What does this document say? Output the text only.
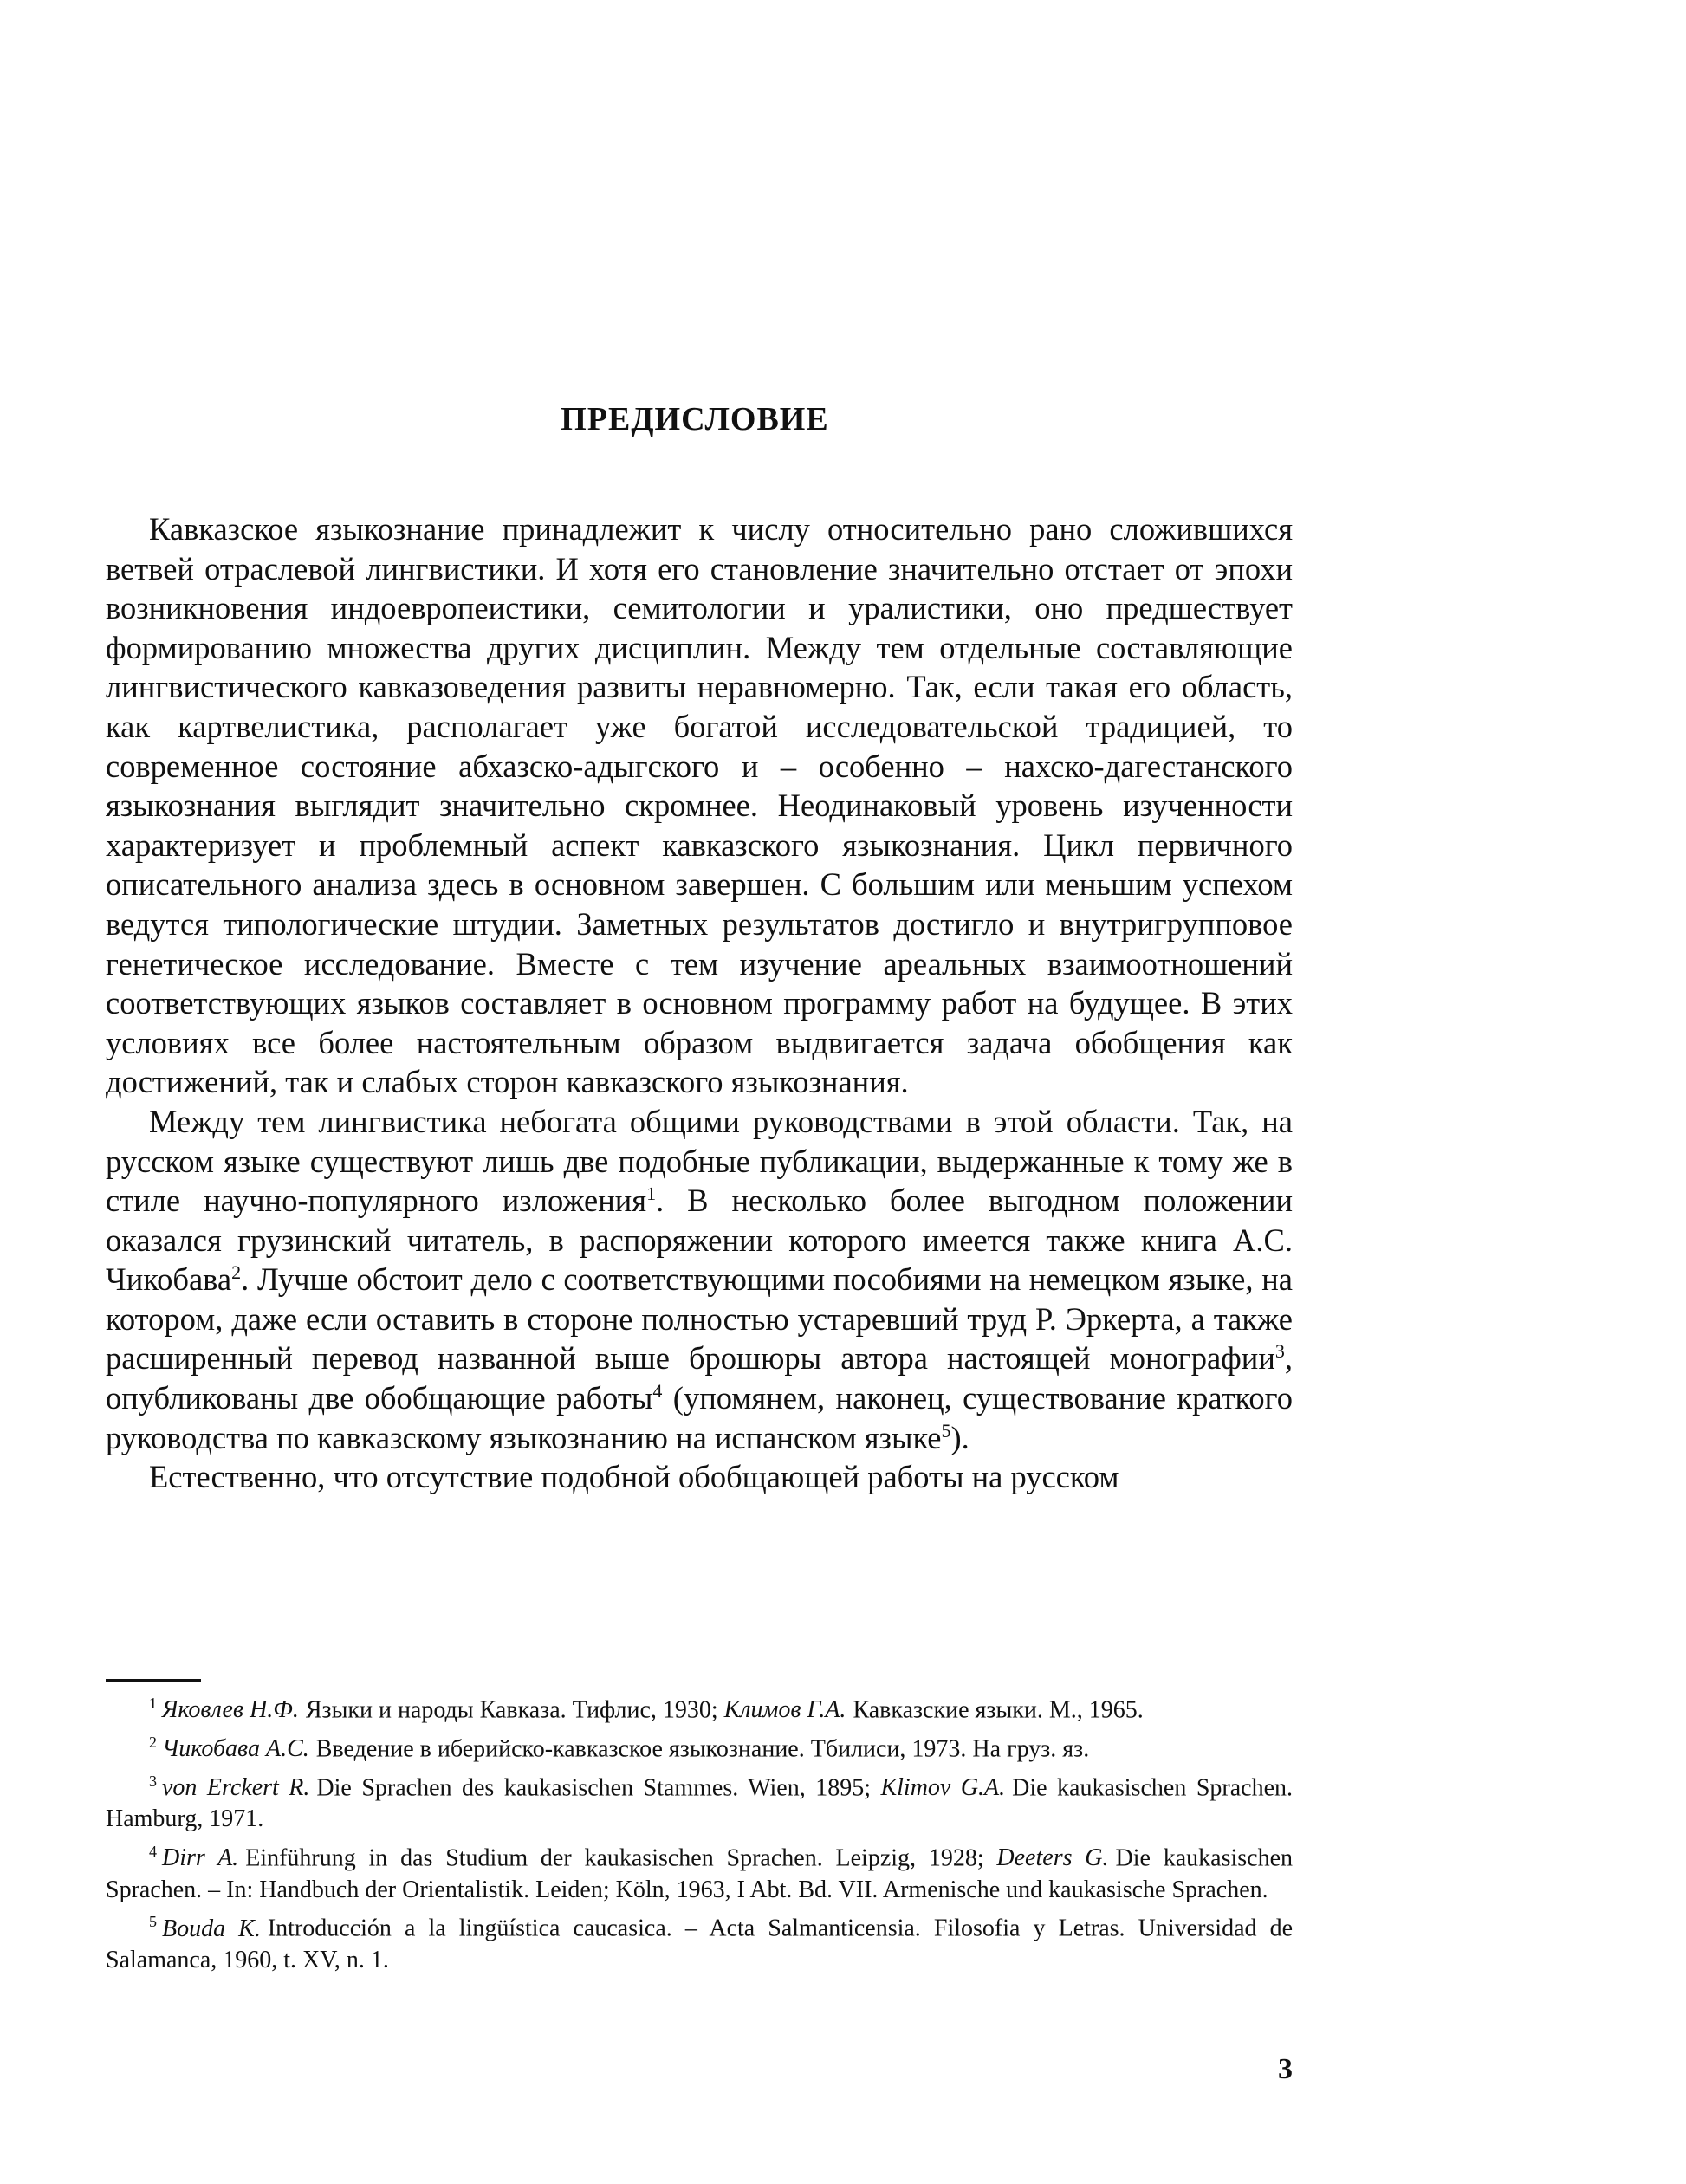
ПРЕДИСЛОВИЕ

Кавказское языкознание принадлежит к числу относительно рано сложившихся ветвей отраслевой лингвистики. И хотя его становление значительно отстает от эпохи возникновения индоевропеистики, семитологии и уралистики, оно предшествует формированию множества других дисциплин. Между тем отдельные составляющие лингвистического кавказоведения развиты неравномерно. Так, если такая его область, как картвелистика, располагает уже богатой исследовательской традицией, то современное состояние абхазско-адыгского и – особенно – нахско-дагестанского языкознания выглядит значительно скромнее. Неодинаковый уровень изученности характеризует и проблемный аспект кавказского языкознания. Цикл первичного описательного анализа здесь в основном завершен. С большим или меньшим успехом ведутся типологические штудии. Заметных результатов достигло и внутригрупповое генетическое исследование. Вместе с тем изучение ареальных взаимоотношений соответствующих языков составляет в основном программу работ на будущее. В этих условиях все более настоятельным образом выдвигается задача обобщения как достижений, так и слабых сторон кавказского языкознания.

Между тем лингвистика небогата общими руководствами в этой области. Так, на русском языке существуют лишь две подобные публикации, выдержанные к тому же в стиле научно-популярного изложения$^1$. В несколько более выгодном положении оказался грузинский читатель, в распоряжении которого имеется также книга А.С. Чикобава$^2$. Лучше обстоит дело с соответствующими пособиями на немецком языке, на котором, даже если оставить в стороне полностью устаревший труд Р. Эркерта, а также расширенный перевод названной выше брошюры автора настоящей монографии$^3$, опубликованы две обобщающие работы$^4$ (упомянем, наконец, существование краткого руководства по кавказскому языкознанию на испанском языке$^5$).

Естественно, что отсутствие подобной обобщающей работы на русском

$^1$ Яковлев Н.Ф. Языки и народы Кавказа. Тифлис, 1930; Климов Г.А. Кавказские языки. М., 1965.

$^2$ Чикобава А.С. Введение в иберийско-кавказское языкознание. Тбилиси, 1973. На груз. яз.

$^3$ von Erckert R. Die Sprachen des kaukasischen Stammes. Wien, 1895; Klimov G.A. Die kaukasischen Sprachen. Hamburg, 1971.

$^4$ Dirr A. Einführung in das Studium der kaukasischen Sprachen. Leipzig, 1928; Deeters G. Die kaukasischen Sprachen. – In: Handbuch der Orientalistik. Leiden; Köln, 1963, I Abt. Bd. VII. Armenische und kaukasische Sprachen.

$^5$ Bouda K. Introducción a la lingüística caucasica. – Acta Salmanticensia. Filosofia y Letras. Universidad de Salamanca, 1960, t. XV, n. 1.

3
